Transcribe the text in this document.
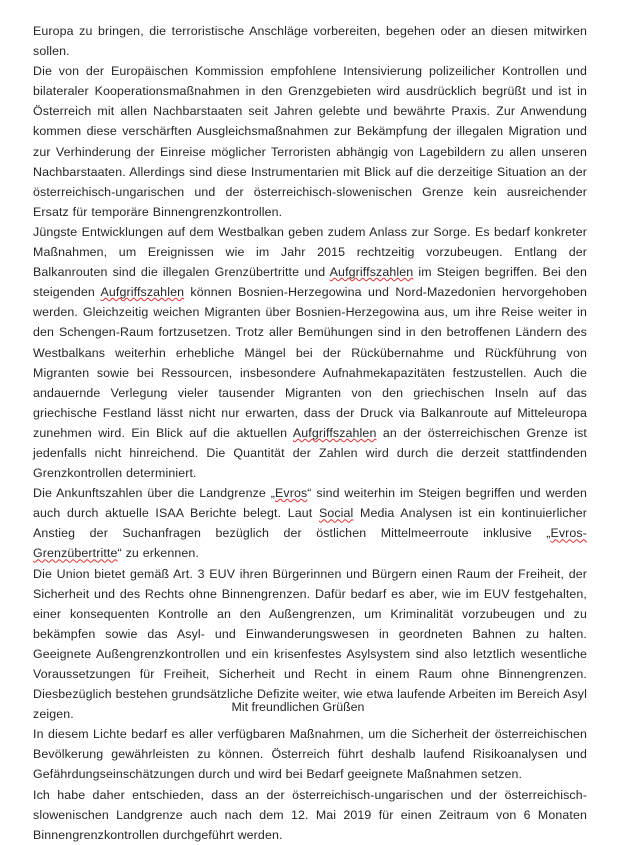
Europa zu bringen, die terroristische Anschläge vorbereiten, begehen oder an diesen mitwirken sollen.

Die von der Europäischen Kommission empfohlene Intensivierung polizeilicher Kontrollen und bilateraler Kooperationsmaßnahmen in den Grenzgebieten wird ausdrücklich begrüßt und ist in Österreich mit allen Nachbarstaaten seit Jahren gelebte und bewährte Praxis. Zur Anwendung kommen diese verschärften Ausgleichsmaßnahmen zur Bekämpfung der illegalen Migration und zur Verhinderung der Einreise möglicher Terroristen abhängig von Lagebildern zu allen unseren Nachbarstaaten. Allerdings sind diese Instrumentarien mit Blick auf die derzeitige Situation an der österreichisch-ungarischen und der österreichisch-slowenischen Grenze kein ausreichender Ersatz für temporäre Binnengrenzkontrollen.

Jüngste Entwicklungen auf dem Westbalkan geben zudem Anlass zur Sorge. Es bedarf konkreter Maßnahmen, um Ereignissen wie im Jahr 2015 rechtzeitig vorzubeugen. Entlang der Balkanrouten sind die illegalen Grenzübertritte und Aufgriffszahlen im Steigen begriffen. Bei den steigenden Aufgriffszahlen können Bosnien-Herzegowina und Nord-Mazedonien hervorgehoben werden. Gleichzeitig weichen Migranten über Bosnien-Herzegowina aus, um ihre Reise weiter in den Schengen-Raum fortzusetzen. Trotz aller Bemühungen sind in den betroffenen Ländern des Westbalkans weiterhin erhebliche Mängel bei der Rückübernahme und Rückführung von Migranten sowie bei Ressourcen, insbesondere Aufnahmekapazitäten festzustellen. Auch die andauernde Verlegung vieler tausender Migranten von den griechischen Inseln auf das griechische Festland lässt nicht nur erwarten, dass der Druck via Balkanroute auf Mitteleuropa zunehmen wird. Ein Blick auf die aktuellen Aufgriffszahlen an der österreichischen Grenze ist jedenfalls nicht hinreichend. Die Quantität der Zahlen wird durch die derzeit stattfindenden Grenzkontrollen determiniert.

Die Ankunftszahlen über die Landgrenze „Evros“ sind weiterhin im Steigen begriffen und werden auch durch aktuelle ISAA Berichte belegt. Laut Social Media Analysen ist ein kontinuierlicher Anstieg der Suchanfragen bezüglich der östlichen Mittelmeerroute inklusive „Evros-Grenzübertritte“ zu erkennen.

Die Union bietet gemäß Art. 3 EUV ihren Bürgerinnen und Bürgern einen Raum der Freiheit, der Sicherheit und des Rechts ohne Binnengrenzen. Dafür bedarf es aber, wie im EUV festgehalten, einer konsequenten Kontrolle an den Außengrenzen, um Kriminalität vorzubeugen und zu bekämpfen sowie das Asyl- und Einwanderungswesen in geordneten Bahnen zu halten. Geeignete Außengrenzkontrollen und ein krisenfestes Asylsystem sind also letztlich wesentliche Voraussetzungen für Freiheit, Sicherheit und Recht in einem Raum ohne Binnengrenzen. Diesbezüglich bestehen grundsätzliche Defizite weiter, wie etwa laufende Arbeiten im Bereich Asyl zeigen.

In diesem Lichte bedarf es aller verfügbaren Maßnahmen, um die Sicherheit der österreichischen Bevölkerung gewährleisten zu können. Österreich führt deshalb laufend Risikoanalysen und Gefährdungseinschätzungen durch und wird bei Bedarf geeignete Maßnahmen setzen.

Ich habe daher entschieden, dass an der österreichisch-ungarischen und der österreichisch-slowenischen Landgrenze auch nach dem 12. Mai 2019 für einen Zeitraum von 6 Monaten Binnengrenzkontrollen durchgeführt werden.

Mit freundlichen Grüßen
